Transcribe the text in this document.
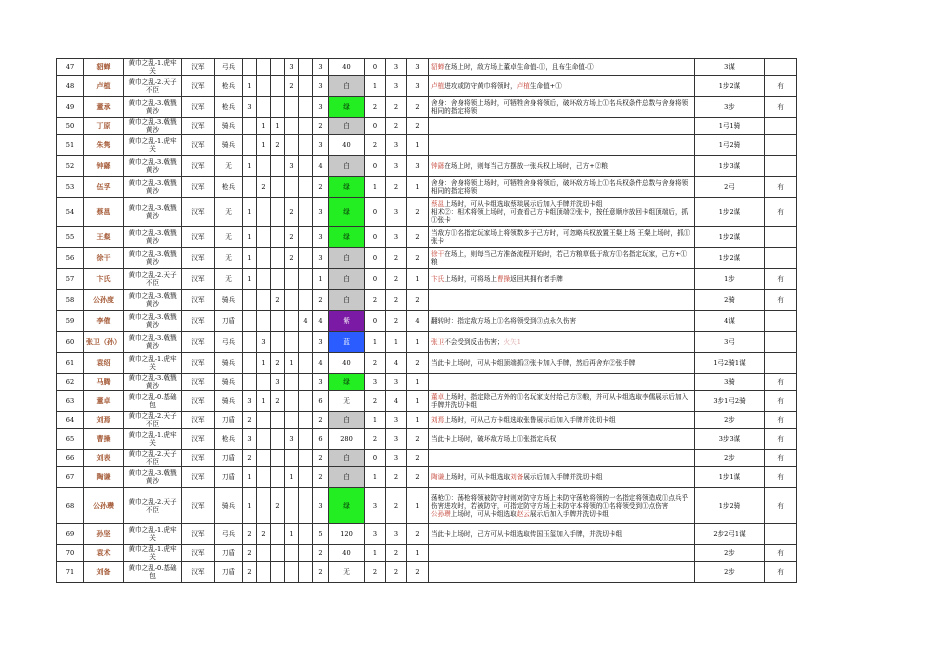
47	貂蝉	黄巾之乱-1.虎牢关	汉军	弓兵				3		3	40	0	3	3	貂蝉在场上时，敌方场上董卓生命值-①，且布生命值-①	3谋	
48	卢植	黄巾之乱-2.天子不臣	汉军	枪兵	1			2		3	白	1	3	3	卢植进攻或防守黄巾将领时，卢植生命值+①	1步2谋	有
49	董承	黄巾之乱-3.戟戮黄沙	汉军	枪兵	3					3	绿	2	2	2	舍身：舍身将领上场时，可牺牲舍身将领后，破坏敌方场上①名兵权条件总数与舍身将领相同的指定将领	3步	有
50	丁原	黄巾之乱-3.戟戮黄沙	汉军	骑兵		1	1			2	白	0	2	2		1弓1骑	
51	朱隽	黄巾之乱-1.虎牢关	汉军	骑兵		1	2			3	40	2	3	1		1弓2骑	
52	钟繇	黄巾之乱-3.戟戮黄沙	汉军	无	1			3		4	白	0	3	3	钟繇在场上时，则每当己方摆放一张兵权上场时，己方+②粮	1步3谋	
53	伍孚	黄巾之乱-3.戟戮黄沙	汉军	枪兵		2				2	绿	1	2	1	舍身：舍身将领上场时，可牺牲舍身将领后，破坏敌方场上①名兵权条件总数与舍身将领相同的指定将领	2弓	有
54	蔡邕	黄巾之乱-3.戟戮黄沙	汉军	无	1			2		3	绿	0	3	2	蔡邕上场时，可从卡组选取蔡琰展示后加入手牌并洗切卡组
相术②：相术将领上场时，可查看己方卡组顶端②张卡，按任意顺序放回卡组顶端后，抓①张卡	1步2谋	有
55	王粲	黄巾之乱-3.戟戮黄沙	汉军	无	1			2		3	绿	0	3	2	当敌方①名指定玩家场上将领数多于己方时，可忽略兵权放置王粲上场 王粲上场时，抓①张卡	1步2谋	
56	徐干	黄巾之乱-3.戟戮黄沙	汉军	无	1			2		3	白	0	2	2	徐干在场上，则每当己方准备流程开始时，若己方粮草低于敌方①名指定玩家，己方+①粮	1步2谋	
57	卞氏	黄巾之乱-2.天子不臣	汉军	无	1					1	白	0	2	1	卞氏上场时，可将场上曹操返回其拥有者手牌	1步	有
58	公孙度	黄巾之乱-3.戟戮黄沙	汉军	骑兵			2			2	白	2	2	2		2骑	有
59	李傕	黄巾之乱-3.戟戮黄沙	汉军	刀盾					4	4	紫	0	2	4	翻转时：指定敌方场上①名将领受到③点永久伤害	4谋	
60	张卫（孙）	黄巾之乱-3.戟戮黄沙	汉军	弓兵		3				3	蓝	1	1	1	张卫不会受到反击伤害；火矢1	3弓	
61	袁绍	黄巾之乱-1.虎牢关	汉军	骑兵		1	2	1		4	40	2	4	2	当此卡上场时，可从卡组顶端抓③张卡加入手牌，然后再舍弃②张手牌	1弓2骑1谋	
62	马腾	黄巾之乱-3.戟戮黄沙	汉军	骑兵			3			3	绿	3	3	1		3骑	有
63	董卓	黄巾之乱-0.基础包	汉军	骑兵	3	1	2			6	无	2	4	1	董卓上场时，指定除己方外的①名玩家支付给己方③粮，并可从卡组选取李儒展示后加入手牌并洗切卡组	3步1弓2骑	有
64	刘焉	黄巾之乱-2.天子不臣	汉军	刀盾	2					2	白	1	3	1	刘焉上场时，可从己方卡组选取张鲁展示后加入手牌并洗切卡组	2步	有
65	曹操	黄巾之乱-1.虎牢关	汉军	枪兵	3			3		6	280	2	3	2	当此卡上场时，破坏敌方场上①张指定兵权	3步3谋	有
66	刘表	黄巾之乱-2.天子不臣	汉军	刀盾	2					2	白	0	3	2		2步	有
67	陶谦	黄巾之乱-3.戟戮黄沙	汉军	刀盾	1			1		2	白	1	2	2	陶谦上场时，可从卡组选取刘备展示后加入手牌并洗切卡组	1步1谋	有
68	公孙瓒	黄巾之乱-2.天子不臣	汉军	骑兵	1		2			3	绿	3	2	1	荡枪①：荡枪将领被防守时则对防守方场上未防守荡枪将领的一名指定将领造成①点兵乎伤害进攻时，若被防守，可指定防守方场上未防守本将领的①名将领受到①点伤害
公孙瓒上场时，可从卡组选取赵云展示后加入手牌并洗切卡组	1步2骑	有
69	孙坚	黄巾之乱-1.虎牢关	汉军	弓兵	2	2		1		5	120	3	3	2	当此卡上场时，己方可从卡组选取传国玉玺加入手牌，并洗切卡组	2步2弓1谋	
70	袁术	黄巾之乱-1.虎牢关	汉军	刀盾	2					2	40	1	2	1		2步	有
71	刘备	黄巾之乱-0.基础包	汉军	刀盾	2					2	无	2	2	2		2步	有
